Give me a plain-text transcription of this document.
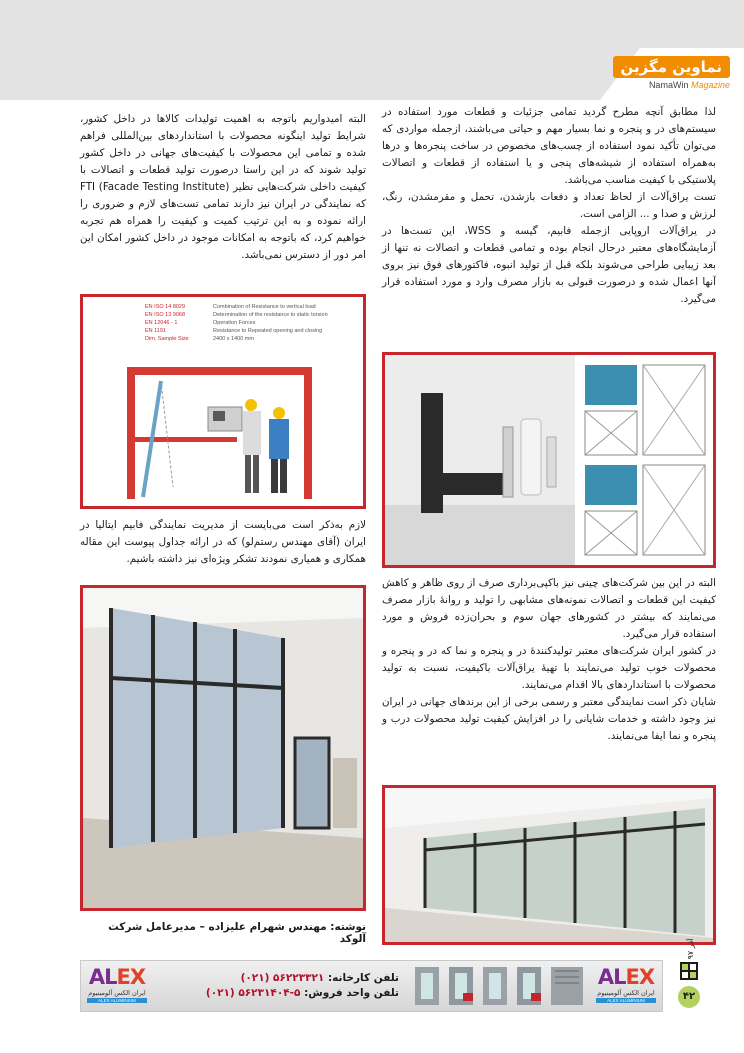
نماوین مگزین
NamaWin Magazine

لذا مطابق آنچه مطرح گردید تمامی جزئیات و قطعات مورد استفاده در سیستم‌های در و پنجره و نما بسیار مهم و حیاتی می‌باشند، ازجمله مواردی که می‌توان تأکید نمود استفاده از چسب‌های مخصوص در ساخت پنجره‌ها و درها به‌همراه استفاده از شیشه‌های پنجی و یا استفاده از قطعات و اتصالات پلاستیکی با کیفیت مناسب می‌باشد.

تست یراق‌آلات از لحاظ تعداد و دفعات بازشدن، تحمل و مقرمشدن، رنگ، لرزش و صدا و ... الزامی است.

در یراق‌آلات اروپایی ازجمله فابیم، گیسه و WSS، این تست‌ها در آزمایشگاه‌های معتبر درحال انجام بوده و تمامی قطعات و اتصالات نه تنها از بعد زیبایی طراحی می‌شوند بلکه قبل از تولید انبوه، فاکتورهای فوق نیز بروی آنها اعمال شده و درصورت قبولی به بازار مصرف وارد و مورد استفاده قرار می‌گیرد.

البته امیدواریم باتوجه به اهمیت تولیدات کالاها در داخل کشور، شرایط تولید اینگونه محصولات با استانداردهای بین‌المللی فراهم شده و تمامی این محصولات با کیفیت‌های جهانی در داخل کشور تولید شوند که در این راستا درصورت تولید قطعات و اتصالات با کیفیت داخلی شرکت‌هایی نظیر FTI (Facade Testing Institute) که نمایندگی در ایران نیز دارند تمامی تست‌های لازم و ضروری را ارائه نموده و به این ترتیب کمیت و کیفیت را همراه هم تجربه خواهیم کرد، که باتوجه به امکانات موجود در داخل کشور امکان این امر دور از دسترس نمی‌باشد.

لازم به‌ذکر است می‌بایست از مدیریت نمایندگی فابیم ایتالیا در ایران (آقای مهندس رستم‌لو) که در ارائه جداول پیوست این مقاله همکاری و همیاری نمودند تشکر ویژه‌ای نیز داشته باشیم.

البته در این بین شرکت‌های چینی نیز باکپی‌برداری صرف از روی ظاهر و کاهش کیفیت این قطعات و اتصالات نمونه‌های مشابهی را تولید و روانهٔ بازار مصرف می‌نمایند که بیشتر در کشورهای جهان سوم و بحران‌زده فروش و مورد استفاده قرار می‌گیرد.

در کشور ایران شرکت‌های معتبر تولیدکنندهٔ در و پنجره و نما که در و پنجره و محصولات خوب تولید می‌نمایند با تهیهٔ یراق‌آلات باکیفیت، نسبت به تولید محصولات با استانداردهای بالا اقدام می‌نمایند.

شایان ذکر است نمایندگی معتبر و رسمی برخی از این برندهای جهانی در ایران نیز وجود داشته و خدمات شایانی را در افزایش کیفیت تولید محصولات درب و پنجره و نما ایفا می‌نمایند.

EN ISO 14 8029	Combination of Resistance to vertical load
EN ISO 13 9068	Determination of the resistance to static torsion
EN 12046 - 1	Operation Forces
EN 1191	Resistance to Repeated opening and closing
Dim. Sample Size	2400 x 1400 mm
نوشته: مهندس شهرام علیزاده – مدیرعامل شرکت آلوکد
آذر ۹۷
۴۲
ALEX
ایران الکس آلومینیوم
ALEX ALUMINIUM
تلفن کارخانه: (۰۲۱) ۵۶۲۲۳۳۲۱
تلفن واحد فروش: (۰۲۱) ۵۶۲۳۱۴۰۴-۵
ALEX
ایران الکس آلومینیوم
ALEX ALUMINIUM
